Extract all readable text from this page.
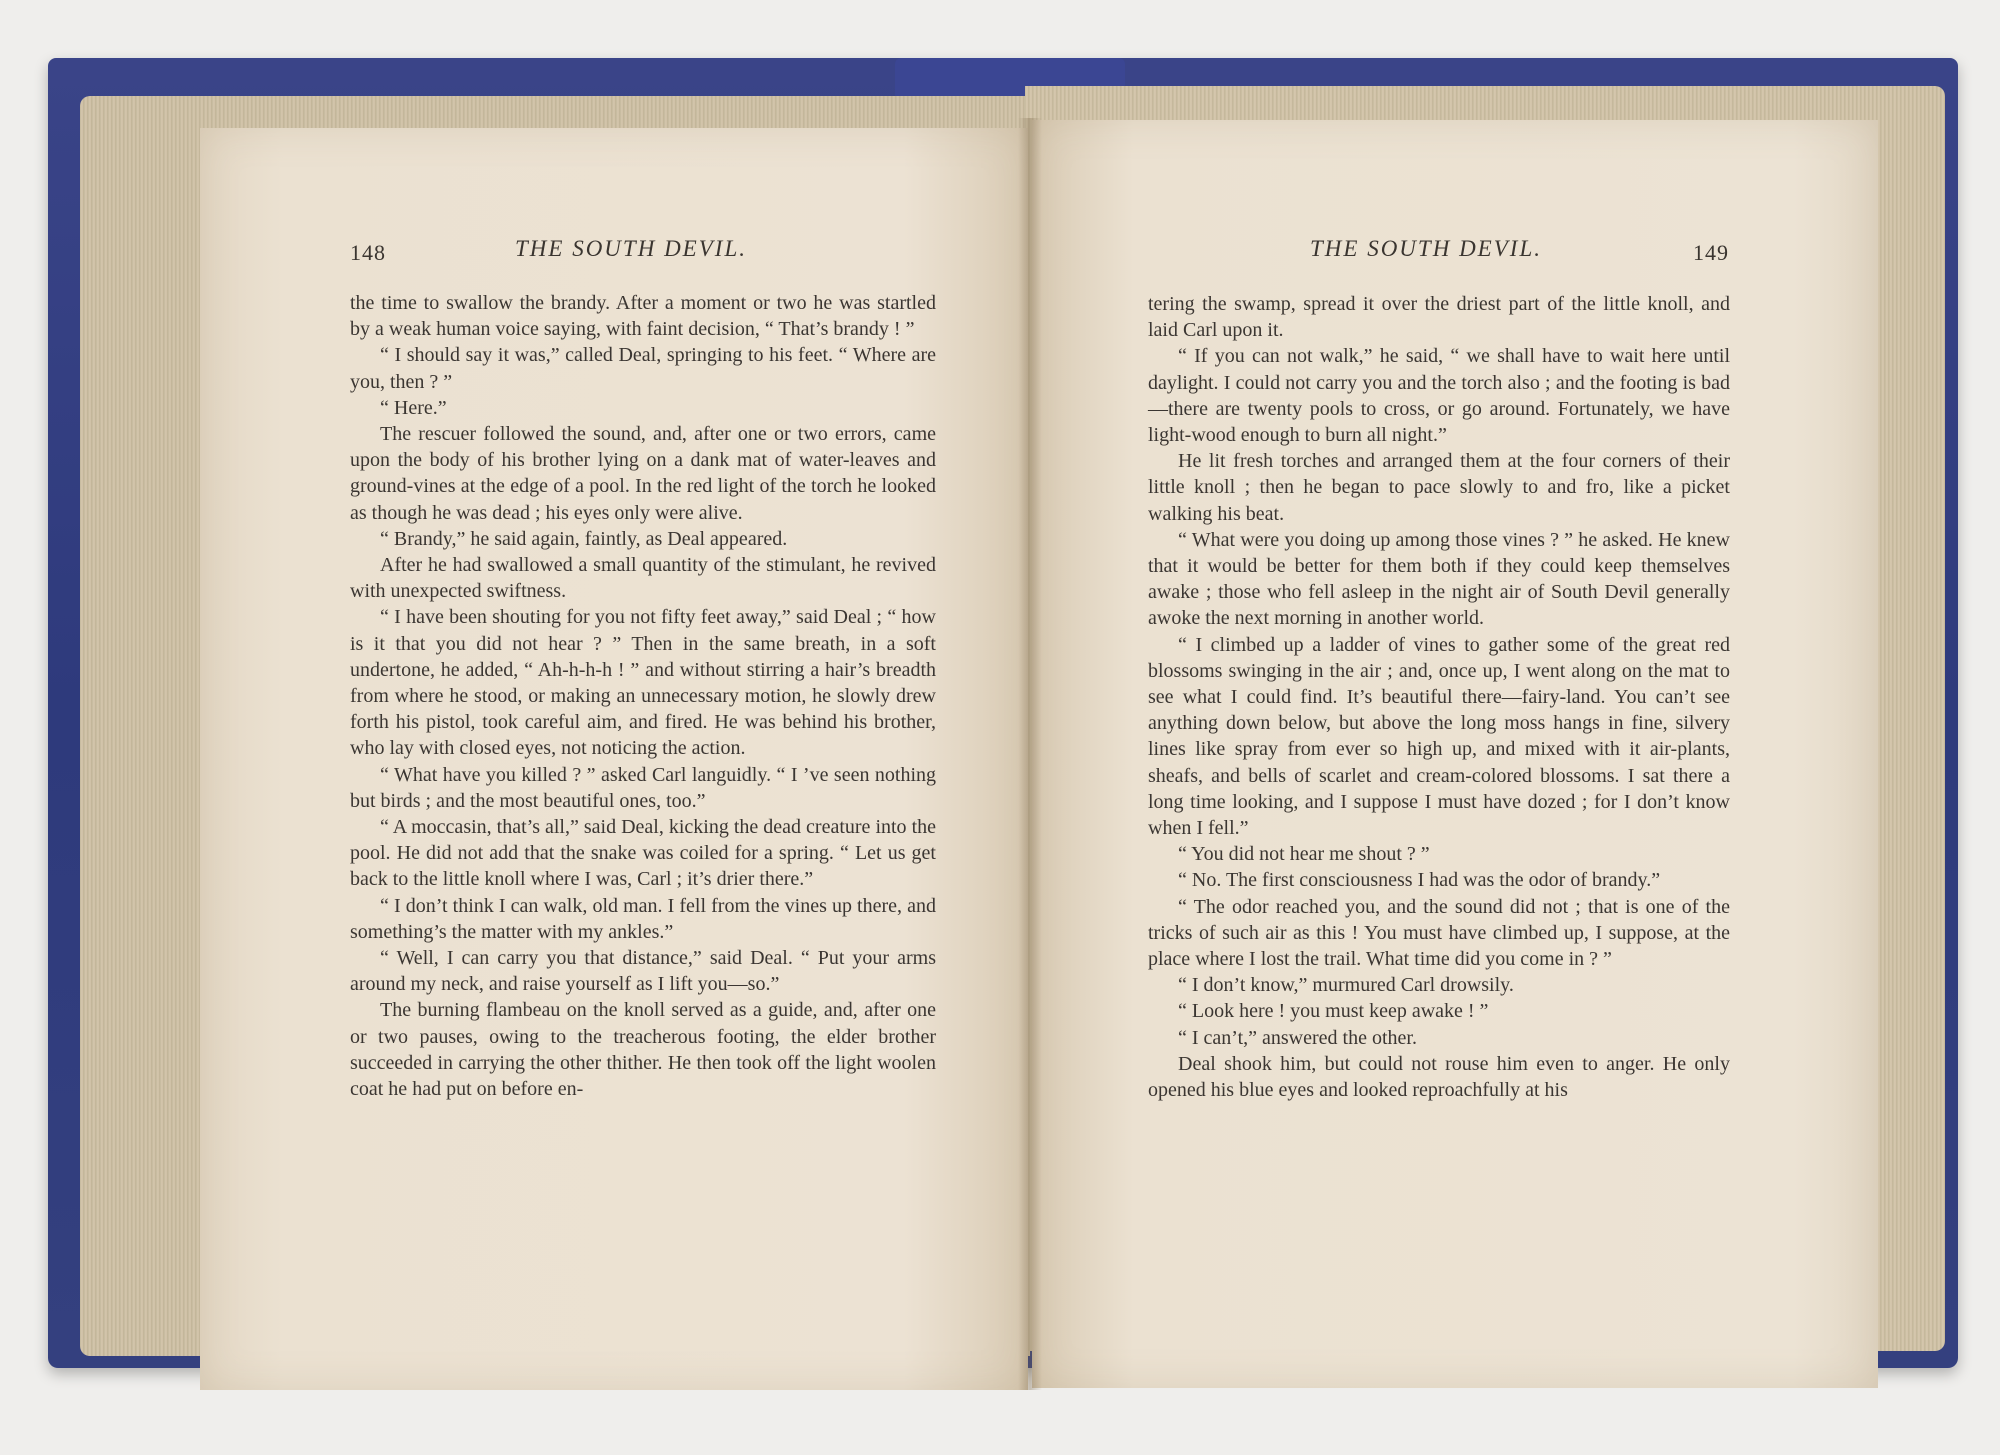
148	THE SOUTH DEVIL.	THE SOUTH DEVIL.	149

the time to swallow the brandy. After a moment or two he was startled by a weak human voice saying, with faint decision, “ That’s brandy ! ”

“ I should say it was,” called Deal, springing to his feet. “ Where are you, then ? ”

“ Here.”

The rescuer followed the sound, and, after one or two errors, came upon the body of his brother lying on a dank mat of water-leaves and ground-vines at the edge of a pool. In the red light of the torch he looked as though he was dead ; his eyes only were alive.

“ Brandy,” he said again, faintly, as Deal appeared.

After he had swallowed a small quantity of the stimulant, he revived with unexpected swiftness.

“ I have been shouting for you not fifty feet away,” said Deal ; “ how is it that you did not hear ? ” Then in the same breath, in a soft undertone, he added, “ Ah-h-h-h ! ” and without stirring a hair’s breadth from where he stood, or making an unnecessary motion, he slowly drew forth his pistol, took careful aim, and fired. He was behind his brother, who lay with closed eyes, not noticing the action.

“ What have you killed ? ” asked Carl languidly. “ I ’ve seen nothing but birds ; and the most beautiful ones, too.”

“ A moccasin, that’s all,” said Deal, kicking the dead creature into the pool. He did not add that the snake was coiled for a spring. “ Let us get back to the little knoll where I was, Carl ; it’s drier there.”

“ I don’t think I can walk, old man. I fell from the vines up there, and something’s the matter with my ankles.”

“ Well, I can carry you that distance,” said Deal. “ Put your arms around my neck, and raise yourself as I lift you—so.”

The burning flambeau on the knoll served as a guide, and, after one or two pauses, owing to the treacherous footing, the elder brother succeeded in carrying the other thither. He then took off the light woolen coat he had put on before en-

tering the swamp, spread it over the driest part of the little knoll, and laid Carl upon it.

“ If you can not walk,” he said, “ we shall have to wait here until daylight. I could not carry you and the torch also ; and the footing is bad—there are twenty pools to cross, or go around. Fortunately, we have light-wood enough to burn all night.”

He lit fresh torches and arranged them at the four corners of their little knoll ; then he began to pace slowly to and fro, like a picket walking his beat.

“ What were you doing up among those vines ? ” he asked. He knew that it would be better for them both if they could keep themselves awake ; those who fell asleep in the night air of South Devil generally awoke the next morning in another world.

“ I climbed up a ladder of vines to gather some of the great red blossoms swinging in the air ; and, once up, I went along on the mat to see what I could find. It’s beautiful there—fairy-land. You can’t see anything down below, but above the long moss hangs in fine, silvery lines like spray from ever so high up, and mixed with it air-plants, sheafs, and bells of scarlet and cream-colored blossoms. I sat there a long time looking, and I suppose I must have dozed ; for I don’t know when I fell.”

“ You did not hear me shout ? ”

“ No. The first consciousness I had was the odor of brandy.”

“ The odor reached you, and the sound did not ; that is one of the tricks of such air as this ! You must have climbed up, I suppose, at the place where I lost the trail. What time did you come in ? ”

“ I don’t know,” murmured Carl drowsily.

“ Look here ! you must keep awake ! ”

“ I can’t,” answered the other.

Deal shook him, but could not rouse him even to anger. He only opened his blue eyes and looked reproachfully at his
